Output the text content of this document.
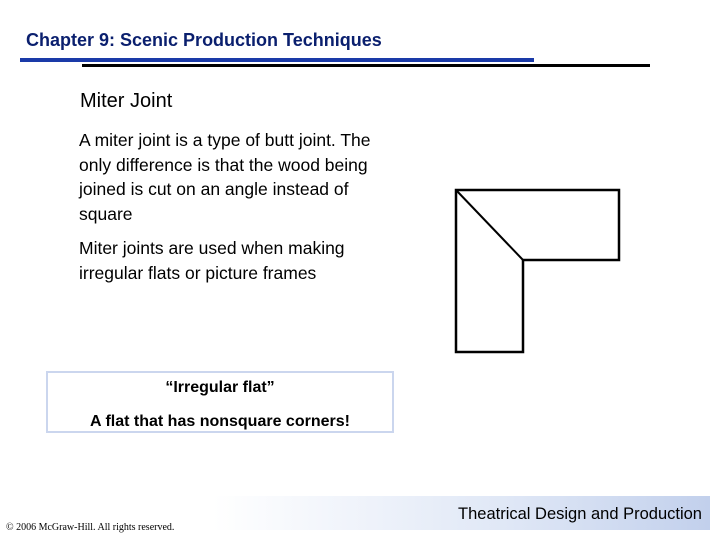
Chapter 9: Scenic Production Techniques
Miter Joint
A miter joint is a type of butt joint. The only difference is that the wood being joined is cut on an angle instead of square
Miter joints are used when making irregular flats or picture frames
“Irregular flat”
A flat that has nonsquare corners!
Theatrical Design and Production
© 2006 McGraw-Hill. All rights reserved.
